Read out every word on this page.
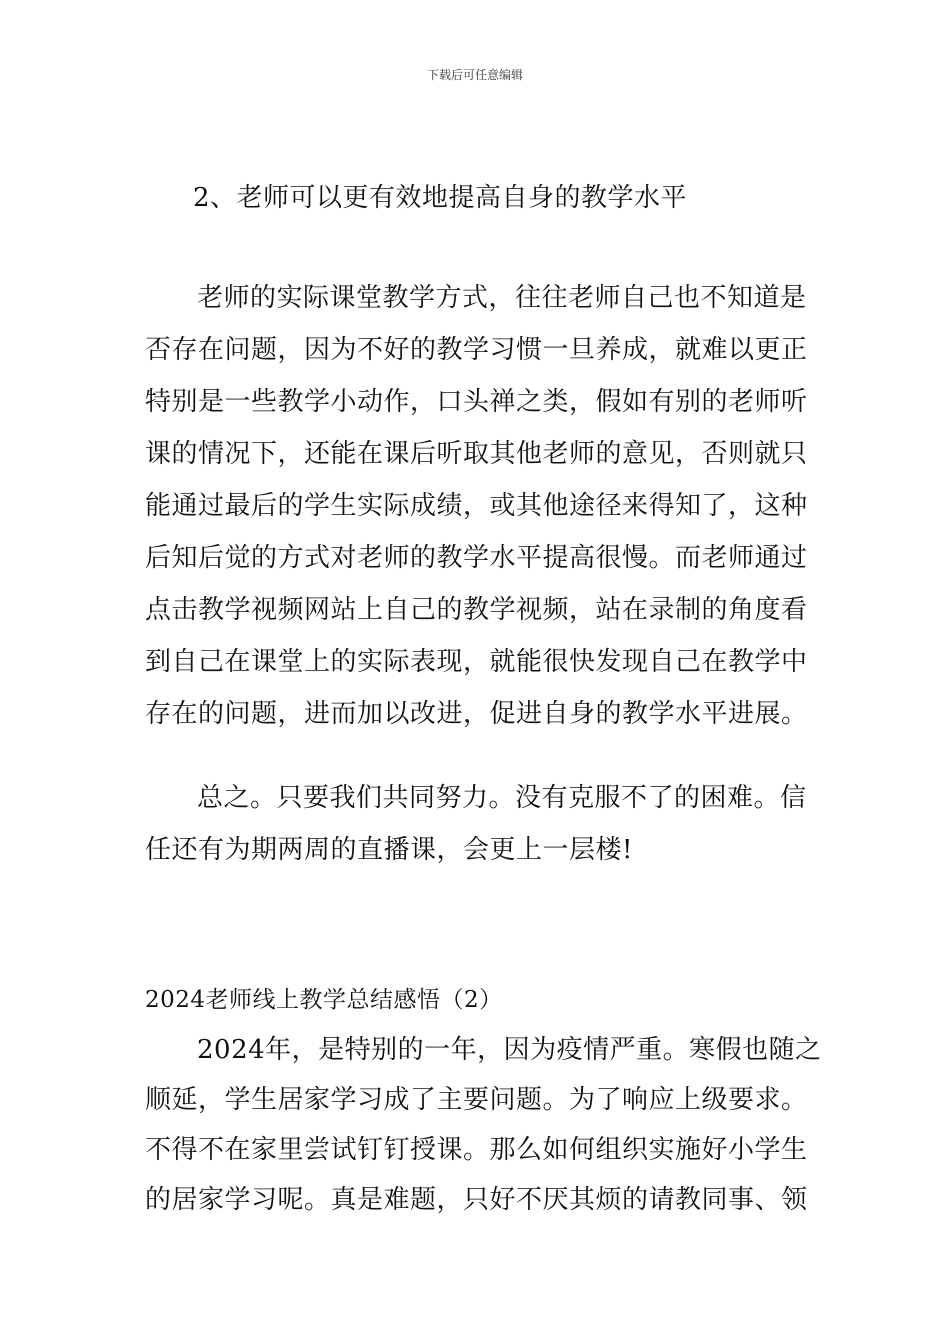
下载后可任意编辑
2、老师可以更有效地提高自身的教学水平
老师的实际课堂教学方式，往往老师自己也不知道是
否存在问题，因为不好的教学习惯一旦养成，就难以更正
特别是一些教学小动作，口头禅之类，假如有别的老师听
课的情况下，还能在课后听取其他老师的意见，否则就只
能通过最后的学生实际成绩，或其他途径来得知了，这种
后知后觉的方式对老师的教学水平提高很慢。而老师通过
点击教学视频网站上自己的教学视频，站在录制的角度看
到自己在课堂上的实际表现，就能很快发现自己在教学中
存在的问题，进而加以改进，促进自身的教学水平进展。
总之。只要我们共同努力。没有克服不了的困难。信
任还有为期两周的直播课，会更上一层楼!
2024老师线上教学总结感悟（2）
2024年，是特别的一年，因为疫情严重。寒假也随之
顺延，学生居家学习成了主要问题。为了响应上级要求。
不得不在家里尝试钉钉授课。那么如何组织实施好小学生
的居家学习呢。真是难题，只好不厌其烦的请教同事、领
